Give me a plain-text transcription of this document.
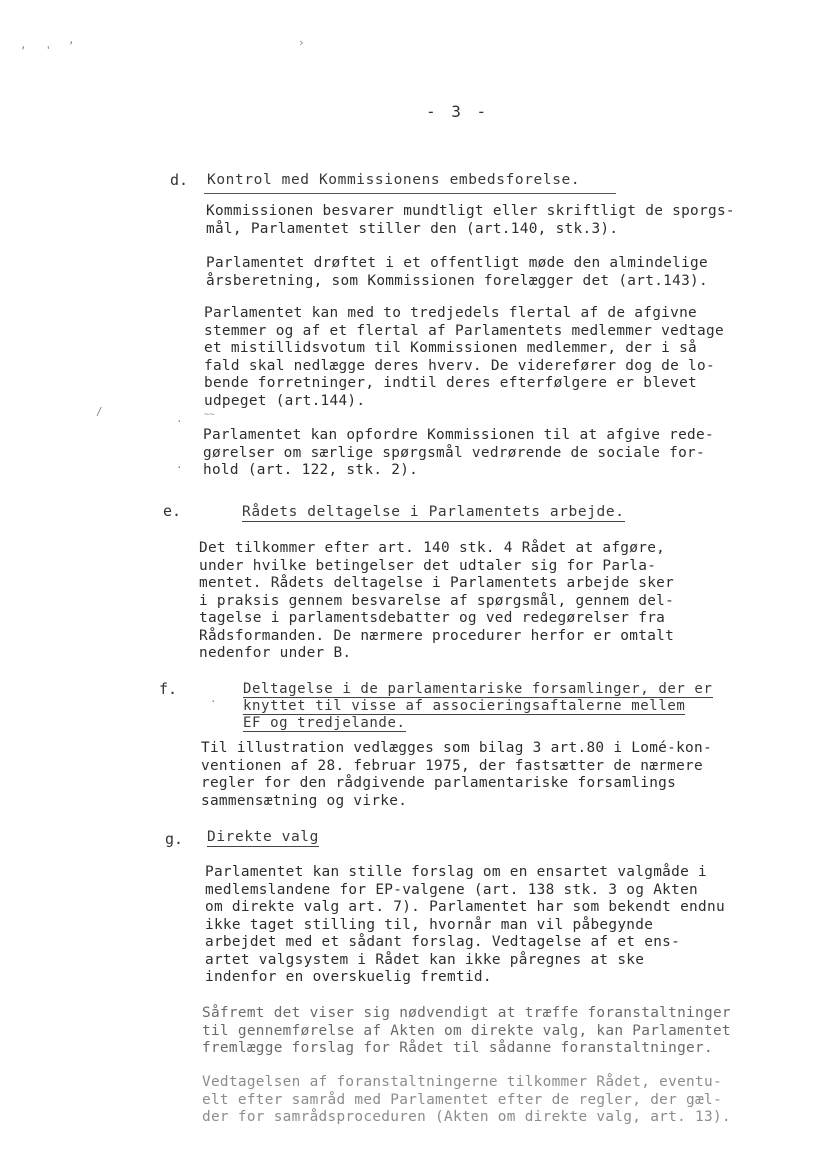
, '
,	›
/
.
.
~~
.
- 3 -
d. Kontrol med Kommissionens embedsforelse.
Kommissionen besvarer mundtligt eller skriftligt de sporgs-
mål, Parlamentet stiller den (art.140, stk.3).
Parlamentet drøftet i et offentligt møde den almindelige
årsberetning, som Kommissionen forelægger det (art.143).
Parlamentet kan med to tredjedels flertal af de afgivne
stemmer og af et flertal af Parlamentets medlemmer vedtage
et mistillidsvotum til Kommissionen medlemmer, der i så
fald skal nedlægge deres hverv. De viderefører dog de lo-
bende forretninger, indtil deres efterfølgere er blevet
udpeget (art.144).
Parlamentet kan opfordre Kommissionen til at afgive rede-
gørelser om særlige spørgsmål vedrørende de sociale for-
hold (art. 122, stk. 2).
e.	Rådets deltagelse i Parlamentets arbejde.
Det tilkommer efter art. 140 stk. 4 Rådet at afgøre,
under hvilke betingelser det udtaler sig for Parla-
mentet. Rådets deltagelse i Parlamentets arbejde sker
i praksis gennem besvarelse af spørgsmål, gennem del-
tagelse i parlamentsdebatter og ved redegørelser fra
Rådsformanden. De nærmere procedurer herfor er omtalt
nedenfor under B.
f.	Deltagelse i de parlamentariske forsamlinger, der er
knyttet til visse af associeringsaftalerne mellem
EF og tredjelande.
Til illustration vedlægges som bilag 3 art.80 i Lomé-kon-
ventionen af 28. februar 1975, der fastsætter de nærmere
regler for den rådgivende parlamentariske forsamlings
sammensætning og virke.
g. Direkte valg
Parlamentet kan stille forslag om en ensartet valgmåde i
medlemslandene for EP-valgene (art. 138 stk. 3 og Akten
om direkte valg art. 7). Parlamentet har som bekendt endnu
ikke taget stilling til, hvornår man vil påbegynde
arbejdet med et sådant forslag. Vedtagelse af et ens-
artet valgsystem i Rådet kan ikke påregnes at ske
indenfor en overskuelig fremtid.
Såfremt det viser sig nødvendigt at træffe foranstaltninger
til gennemførelse af Akten om direkte valg, kan Parlamentet
fremlægge forslag for Rådet til sådanne foranstaltninger.
Vedtagelsen af foranstaltningerne tilkommer Rådet, eventu-
elt efter samråd med Parlamentet efter de regler, der gæl-
der for samrådsproceduren (Akten om direkte valg, art. 13).
